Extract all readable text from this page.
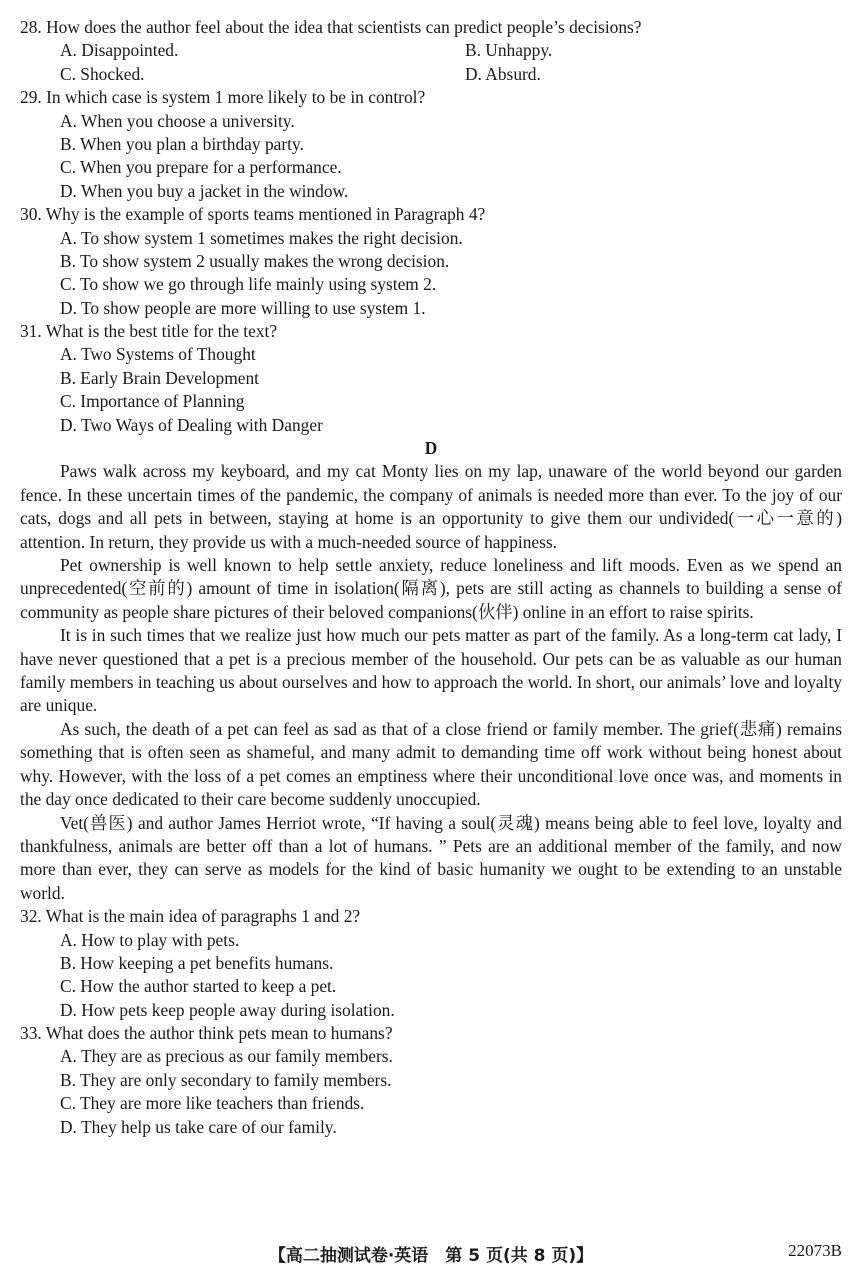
28. How does the author feel about the idea that scientists can predict people’s decisions?
A. Disappointed.	B. Unhappy.
C. Shocked.	D. Absurd.
29. In which case is system 1 more likely to be in control?
A. When you choose a university.
B. When you plan a birthday party.
C. When you prepare for a performance.
D. When you buy a jacket in the window.
30. Why is the example of sports teams mentioned in Paragraph 4?
A. To show system 1 sometimes makes the right decision.
B. To show system 2 usually makes the wrong decision.
C. To show we go through life mainly using system 2.
D. To show people are more willing to use system 1.
31. What is the best title for the text?
A. Two Systems of Thought
B. Early Brain Development
C. Importance of Planning
D. Two Ways of Dealing with Danger
D

Paws walk across my keyboard, and my cat Monty lies on my lap, unaware of the world beyond our garden fence. In these uncertain times of the pandemic, the company of animals is needed more than ever. To the joy of our cats, dogs and all pets in between, staying at home is an opportunity to give them our undivided(一心一意的) attention. In return, they provide us with a much-needed source of happiness.

Pet ownership is well known to help settle anxiety, reduce loneliness and lift moods. Even as we spend an unprecedented(空前的) amount of time in isolation(隔离), pets are still acting as channels to building a sense of community as people share pictures of their beloved companions(伙伴) online in an effort to raise spirits.

It is in such times that we realize just how much our pets matter as part of the family. As a long-term cat lady, I have never questioned that a pet is a precious member of the household. Our pets can be as valuable as our human family members in teaching us about ourselves and how to approach the world. In short, our animals’ love and loyalty are unique.

As such, the death of a pet can feel as sad as that of a close friend or family member. The grief(悲痛) remains something that is often seen as shameful, and many admit to demanding time off work without being honest about why. However, with the loss of a pet comes an emptiness where their unconditional love once was, and moments in the day once dedicated to their care become suddenly unoccupied.

Vet(兽医) and author James Herriot wrote, “If having a soul(灵魂) means being able to feel love, loyalty and thankfulness, animals are better off than a lot of humans. ” Pets are an additional member of the family, and now more than ever, they can serve as models for the kind of basic humanity we ought to be extending to an unstable world.

32. What is the main idea of paragraphs 1 and 2?
A. How to play with pets.
B. How keeping a pet benefits humans.
C. How the author started to keep a pet.
D. How pets keep people away during isolation.
33. What does the author think pets mean to humans?
A. They are as precious as our family members.
B. They are only secondary to family members.
C. They are more like teachers than friends.
D. They help us take care of our family.
【高二抽测试卷·英语　第 5 页(共 8 页)】	22073B
